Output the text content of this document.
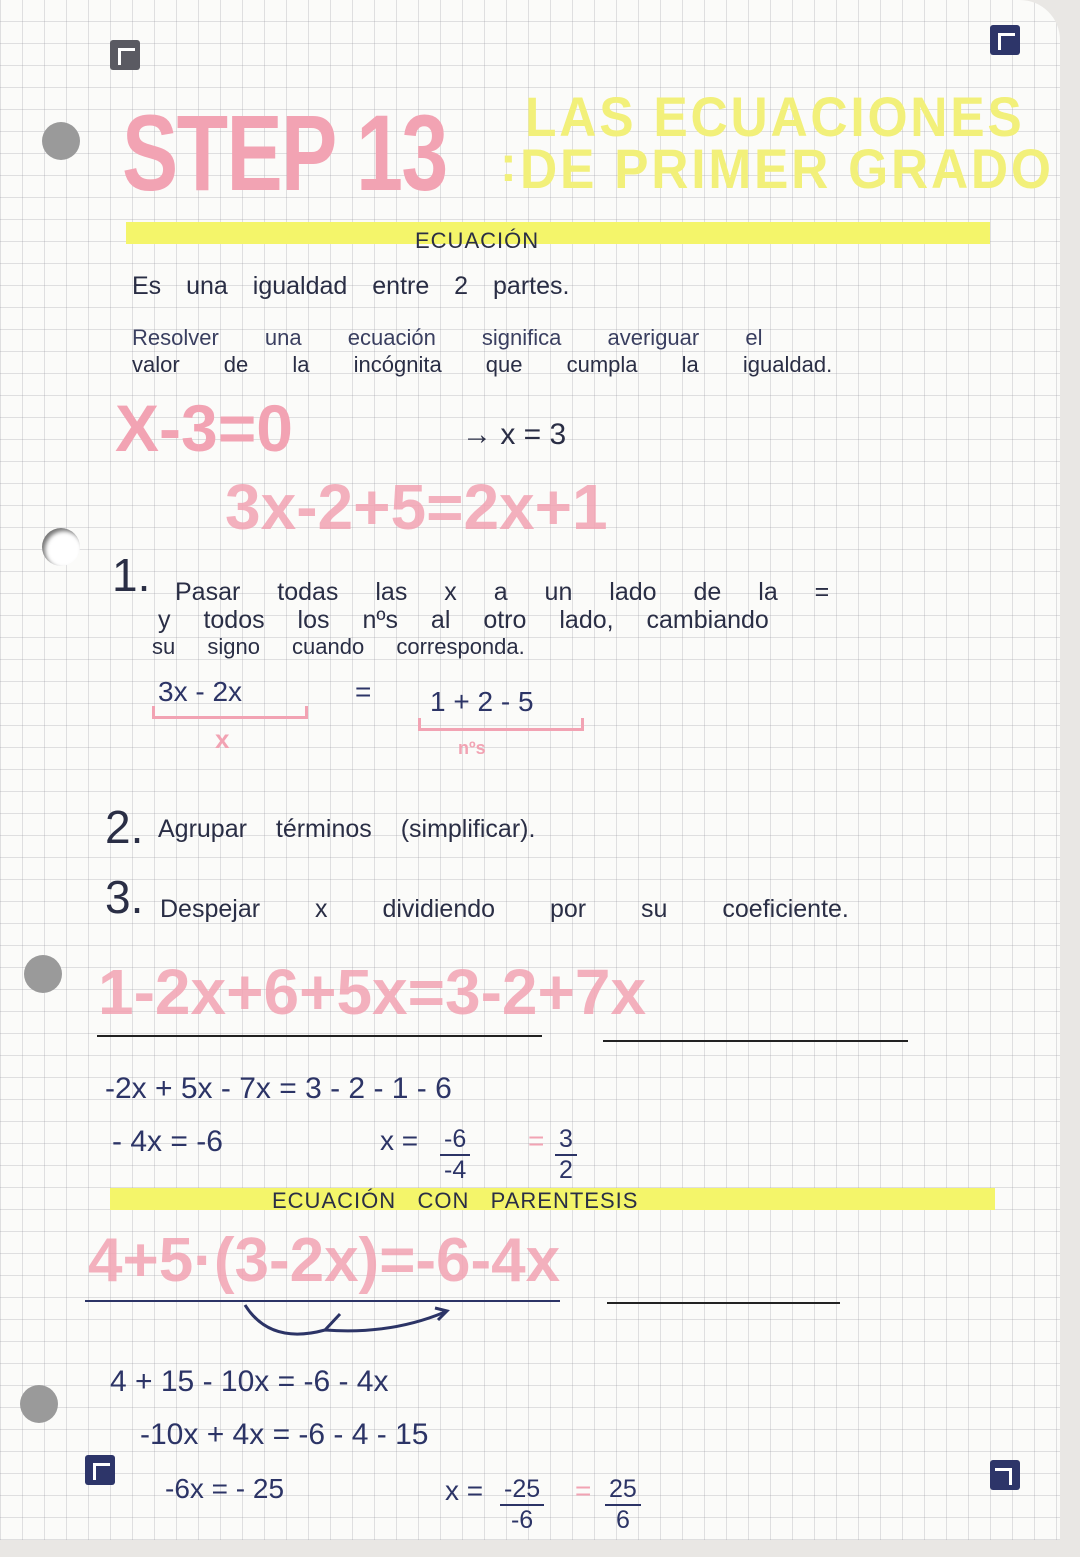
STEP 13 :
LAS ECUACIONES
DE PRIMER GRADO
ECUACIÓN
Es una igualdad entre 2 partes.
Resolver una ecuación significa averiguar el
valor de la incógnita que cumpla la igualdad.
X-3=0	→ x = 3
3x-2+5=2x+1
1. Pasar todas las x a un lado de la =
y todos los nºs al otro lado, cambiando
su signo cuando corresponda.
3x - 2x	= 1 + 2 - 5
x	nºs
2. Agrupar términos (simplificar).
3. Despejar x dividiendo por su coeficiente.
1-2x+6+5x=3-2+7x
-2x + 5x - 7x = 3 - 2 - 1 - 6
- 4x = -6	$x = \frac{-6}{-4} = \frac{3}{2}$
ECUACIÓN   CON   PARENTESIS
4+5·(3-2x)=-6-4x
4 + 15 - 10x = -6 - 4x
-10x + 4x = -6 - 4 - 15
-6x = - 25	$x = \frac{-25}{-6} = \frac{25}{6}$
